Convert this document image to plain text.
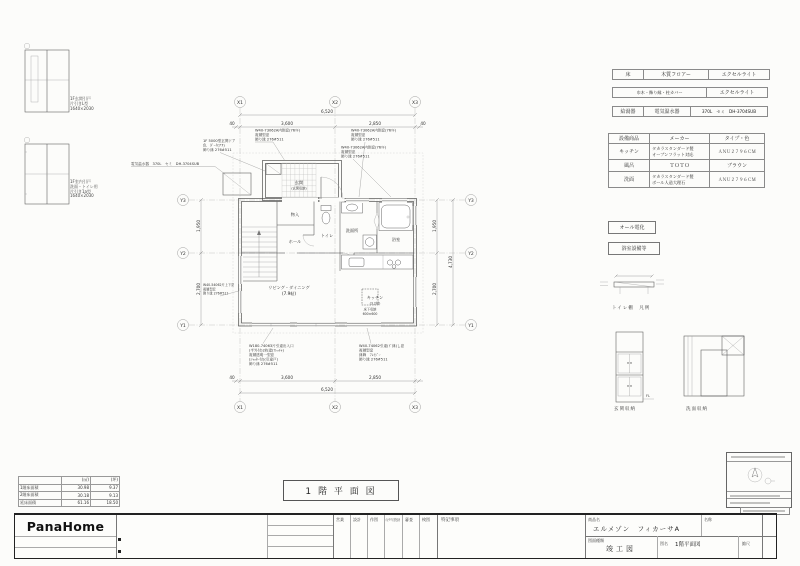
1F玄関引戸
片引きL型
1640×2030
1F室内引戸
洗面・トイレ用
片引き1a型
1640×2030
X1	X2	X3
X1	X2	X3
Y3
Y2
Y1
Y3
Y2
Y1
6,520
40	3,600	2,850	40
40	3,600	2,850
6,520
1,950
2,700
4,730
1,950
2,700
玄関
(玄関収納)
ホール
物入
トイレ
洗面所
浴室
リビング・ダイニング
(7.9帖)
キッチン
(3.2帖)
床下収納
600×600
電気温水器　370L　セミ　DH-3704SUB
W40-73062A内倒窓(76ﾘﾁ)
複層型窓
飾り縁 276#511
W40-73062A内倒窓(76ﾘﾁ)
複層型窓
飾り縁 276#511
W40-73062A内倒窓(76ﾘﾁ)
複層型窓
飾り縁 276#511
1F 5000型玄関ドア
色　ﾀﾞｰｸ(77)
飾り縁 276#511
W40-54062片上下窓
複層型窓
飾り縁 276#511
W180-74063片引違出入口
(半外付)2枚建(ﾌﾚｯﾁｬ)
複層透明一型窓
(ｼｬｯﾀｰ付)(引違戸)
飾り縁 276#511
W40-74062引違(ﾄﾞ縁)し窓
複層型窓
縁飾　ﾌﾚｲｼﾞｰ
飾り縁 276#511
床	木質フロアー	エクセルライト
巾木・飾り縁・柱カバー	エクセルライト
給湯器	電気温水器	370L　セミ　DH-3704SUB
設備商品	メーカー	タイプ・色
キッチン	タカラスタンダード製
オープンフラット対応	ＡＮＵ２７９６ＣＭ
風呂	ＴＯＴＯ	ブラウン
洗面	タカラスタンダード製
ボール人造大理石	ＡＮＵ２７９６ＣＭ
オール電化
浴室設備等
トイレ棚　凡例
FL
玄関収納	洗面収納
	(㎡)	(坪)
1階床面積	30.98	9.37
2階床面積	30.18	9.13
延床面積	61.16	18.50
1 階 平 面 図
PanaHome	営業 設計 作図 ｲﾝﾃﾘｱ設計 審査 検図 特記事項	商品名
エルメゾン　フィカーサA
名称
図面種類
竣工図
図名 1階平面図	縮尺
